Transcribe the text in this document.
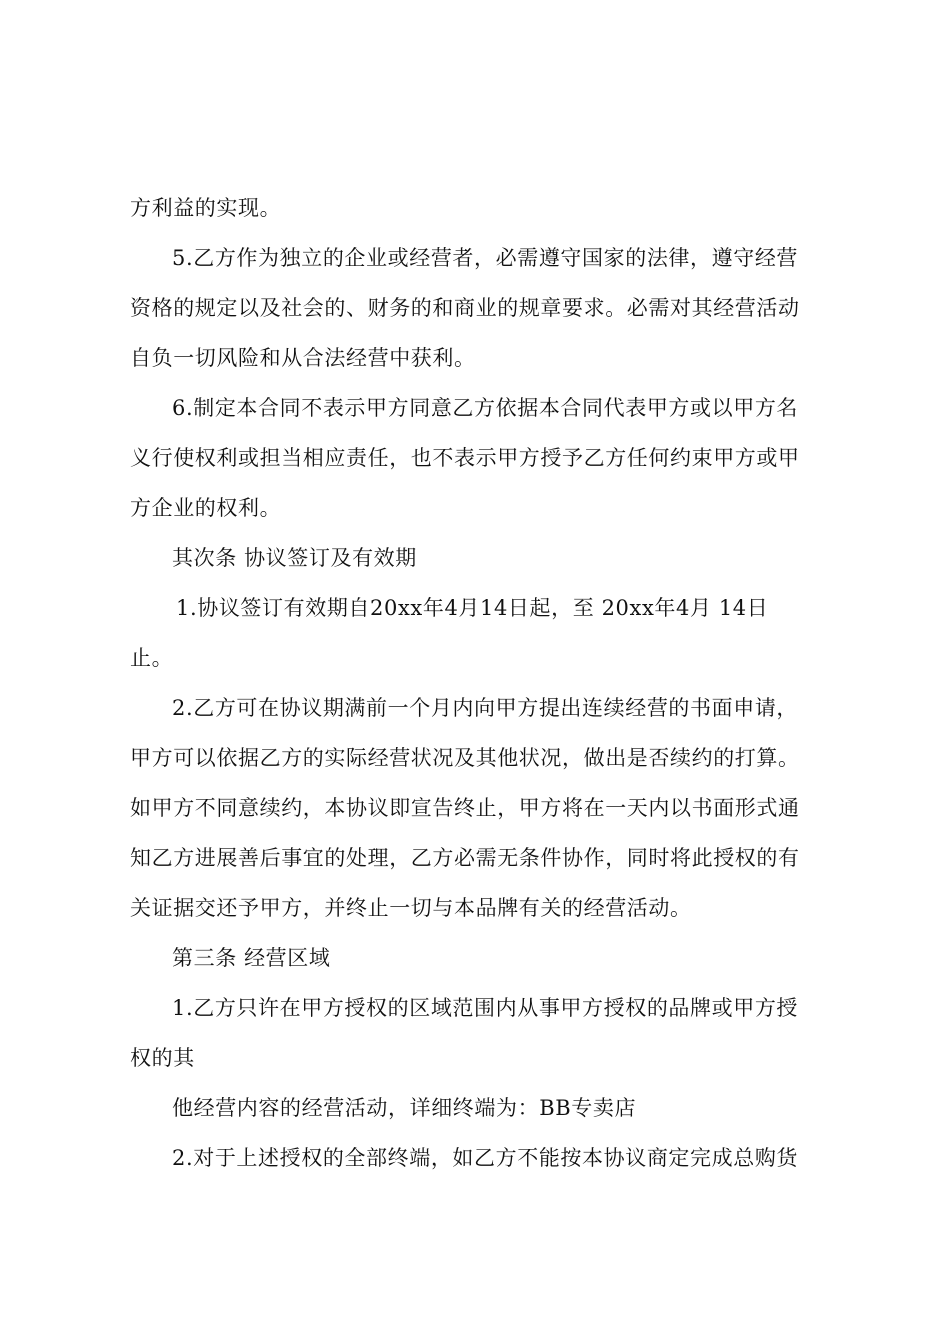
方利益的实现。
5.乙方作为独立的企业或经营者，必需遵守国家的法律，遵守经营
资格的规定以及社会的、财务的和商业的规章要求。必需对其经营活动
自负一切风险和从合法经营中获利。
6.制定本合同不表示甲方同意乙方依据本合同代表甲方或以甲方名
义行使权利或担当相应责任，也不表示甲方授予乙方任何约束甲方或甲
方企业的权利。
其次条 协议签订及有效期
1.协议签订有效期自20xx年4月14日起，至 20xx年4月 14日
止。
2.乙方可在协议期满前一个月内向甲方提出连续经营的书面申请，
甲方可以依据乙方的实际经营状况及其他状况，做出是否续约的打算。
如甲方不同意续约，本协议即宣告终止，甲方将在一天内以书面形式通
知乙方进展善后事宜的处理，乙方必需无条件协作，同时将此授权的有
关证据交还予甲方，并终止一切与本品牌有关的经营活动。
第三条 经营区域
1.乙方只许在甲方授权的区域范围内从事甲方授权的品牌或甲方授
权的其
他经营内容的经营活动，详细终端为：BB专卖店
2.对于上述授权的全部终端，如乙方不能按本协议商定完成总购货
